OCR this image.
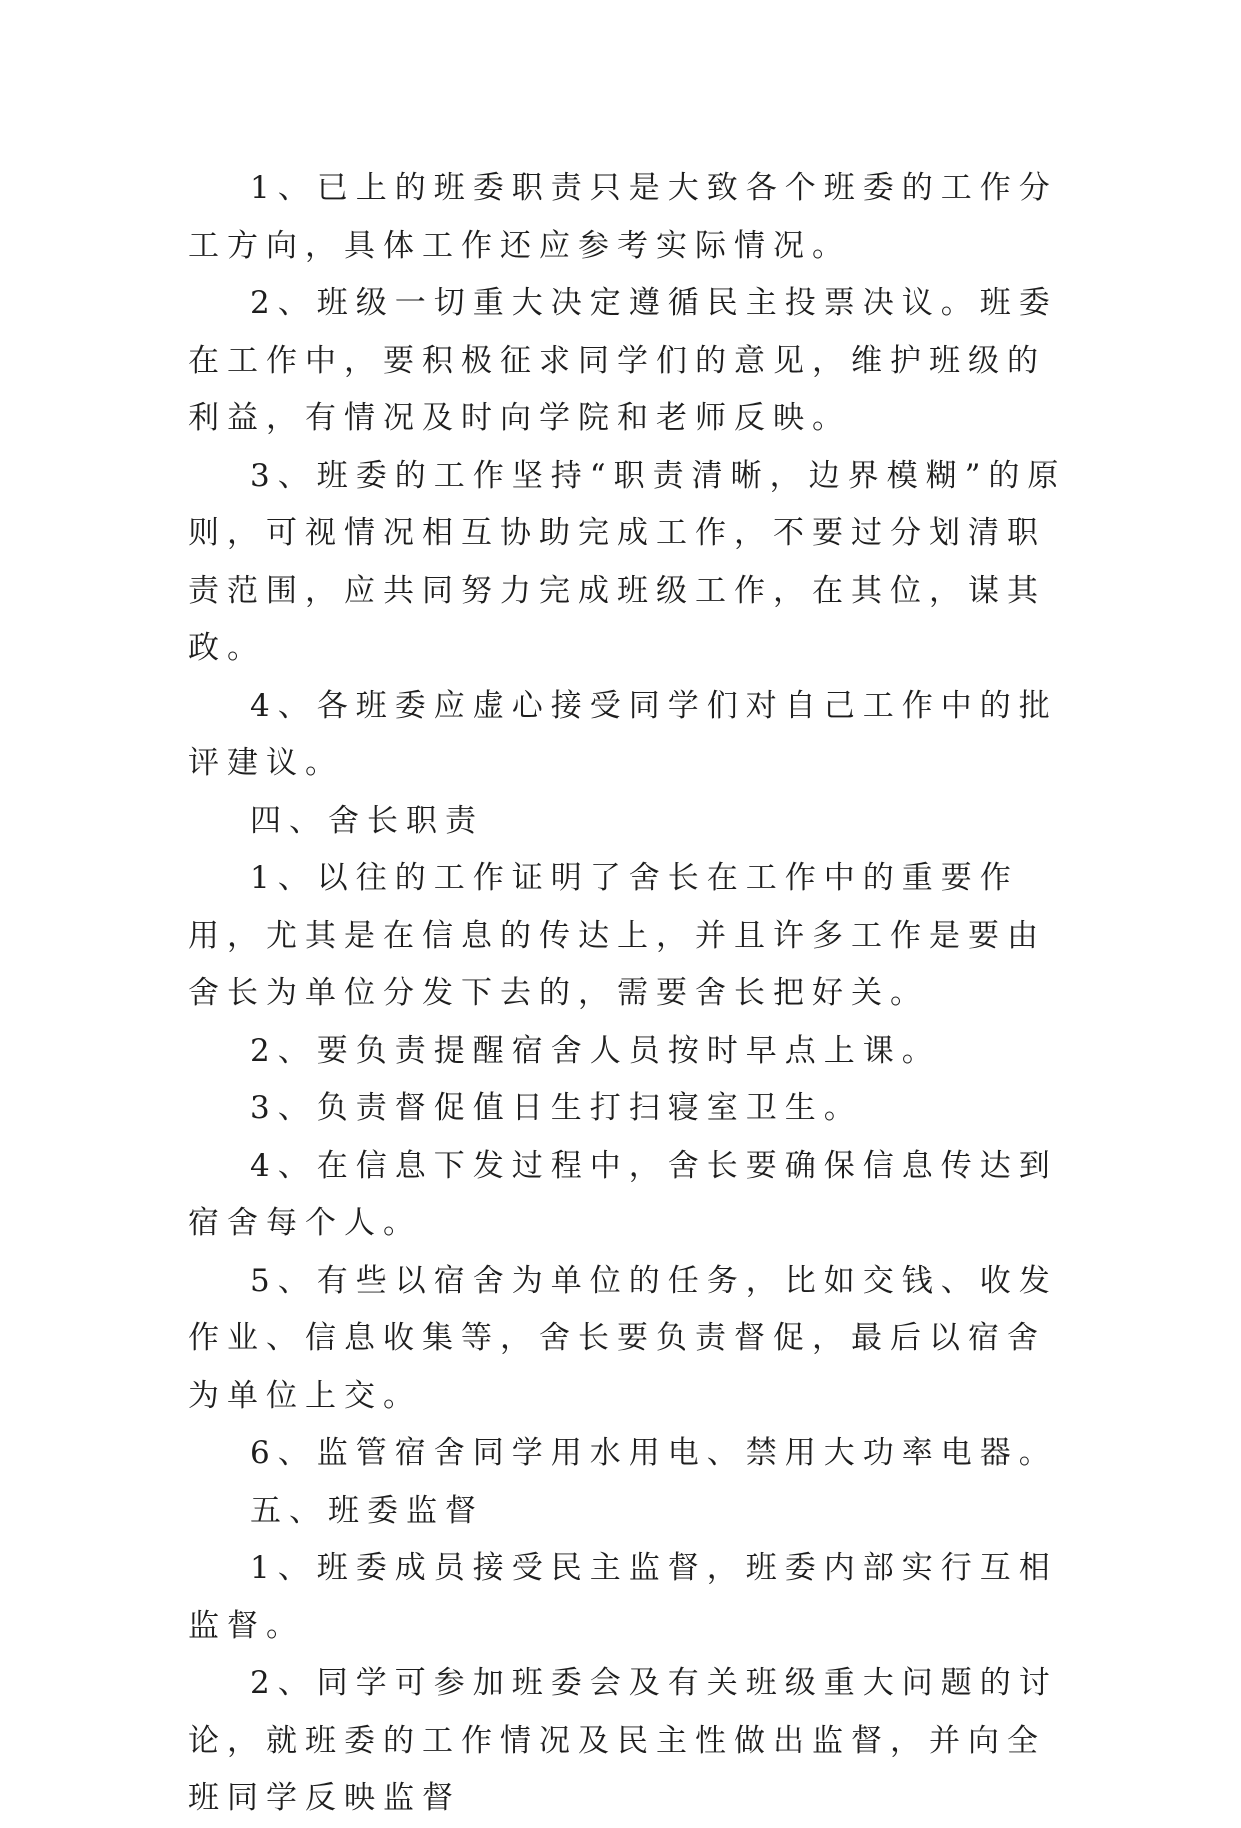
1、已上的班委职责只是大致各个班委的工作分工方向，具体工作还应参考实际情况。

2、班级一切重大决定遵循民主投票决议。班委在工作中，要积极征求同学们的意见，维护班级的利益，有情况及时向学院和老师反映。

3、班委的工作坚持“职责清晰，边界模糊”的原则，可视情况相互协助完成工作，不要过分划清职责范围，应共同努力完成班级工作，在其位，谋其政。

4、各班委应虚心接受同学们对自己工作中的批评建议。

四、舍长职责

1、以往的工作证明了舍长在工作中的重要作用，尤其是在信息的传达上，并且许多工作是要由舍长为单位分发下去的，需要舍长把好关。

2、要负责提醒宿舍人员按时早点上课。

3、负责督促值日生打扫寝室卫生。

4、在信息下发过程中，舍长要确保信息传达到宿舍每个人。

5、有些以宿舍为单位的任务，比如交钱、收发作业、信息收集等，舍长要负责督促，最后以宿舍为单位上交。

6、监管宿舍同学用水用电、禁用大功率电器。

五、班委监督

1、班委成员接受民主监督，班委内部实行互相监督。

2、同学可参加班委会及有关班级重大问题的讨论，就班委的工作情况及民主性做出监督，并向全班同学反映监督
